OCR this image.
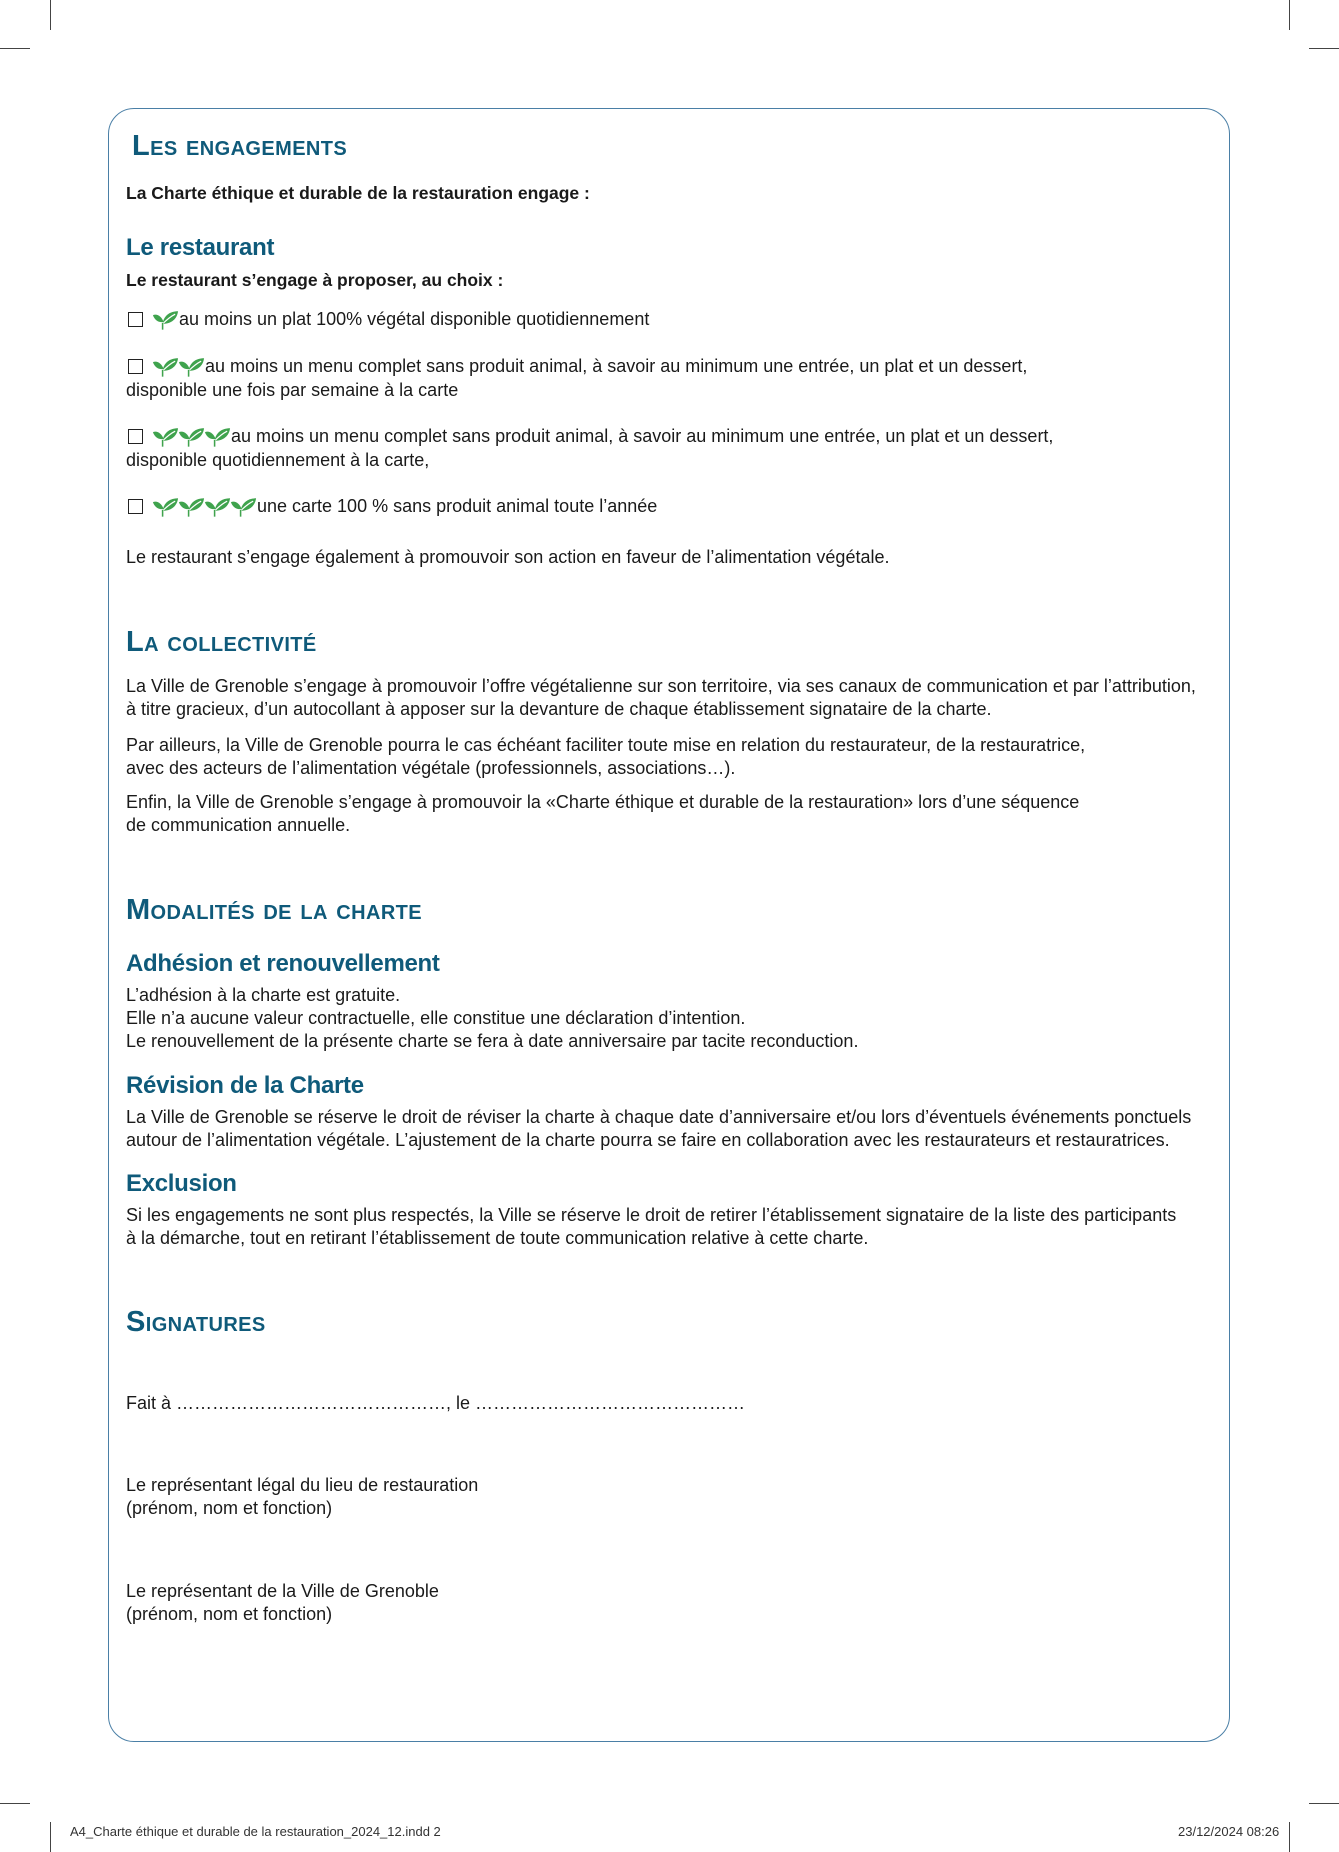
Les engagements

La Charte éthique et durable de la restauration engage :

Le restaurant

Le restaurant s’engage à proposer, au choix :

au moins un plat 100% végétal disponible quotidiennement
au moins un menu complet sans produit animal, à savoir au minimum une entrée, un plat et un dessert,

disponible une fois par semaine à la carte

au moins un menu complet sans produit animal, à savoir au minimum une entrée, un plat et un dessert,

disponible quotidiennement à la carte,

une carte 100 % sans produit animal toute l’année

Le restaurant s’engage également à promouvoir son action en faveur de l’alimentation végétale.

La collectivité

La Ville de Grenoble s’engage à promouvoir l’offre végétalienne sur son territoire, via ses canaux de communication et par l’attribution,

à titre gracieux, d’un autocollant à apposer sur la devanture de chaque établissement signataire de la charte.

Par ailleurs, la Ville de Grenoble pourra le cas échéant faciliter toute mise en relation du restaurateur, de la restauratrice,

avec des acteurs de l’alimentation végétale (professionnels, associations…).

Enfin, la Ville de Grenoble s’engage à promouvoir la «Charte éthique et durable de la restauration» lors d’une séquence

de communication annuelle.

Modalités de la charte
Adhésion et renouvellement

L’adhésion à la charte est gratuite.

Elle n’a aucune valeur contractuelle, elle constitue une déclaration d’intention.

Le renouvellement de la présente charte se fera à date anniversaire par tacite reconduction.

Révision de la Charte

La Ville de Grenoble se réserve le droit de réviser la charte à chaque date d’anniversaire et/ou lors d’éventuels événements ponctuels

autour de l’alimentation végétale. L’ajustement de la charte pourra se faire en collaboration avec les restaurateurs et restauratrices.

Exclusion

Si les engagements ne sont plus respectés, la Ville se réserve le droit de retirer l’établissement signataire de la liste des participants

à la démarche, tout en retirant l’établissement de toute communication relative à cette charte.

Signatures

Fait à ………………………………………, le ………………………………………

Le représentant légal du lieu de restauration

(prénom, nom et fonction)

Le représentant de la Ville de Grenoble

(prénom, nom et fonction)

A4_Charte éthique et durable de la restauration_2024_12.indd 2	23/12/2024 08:26
